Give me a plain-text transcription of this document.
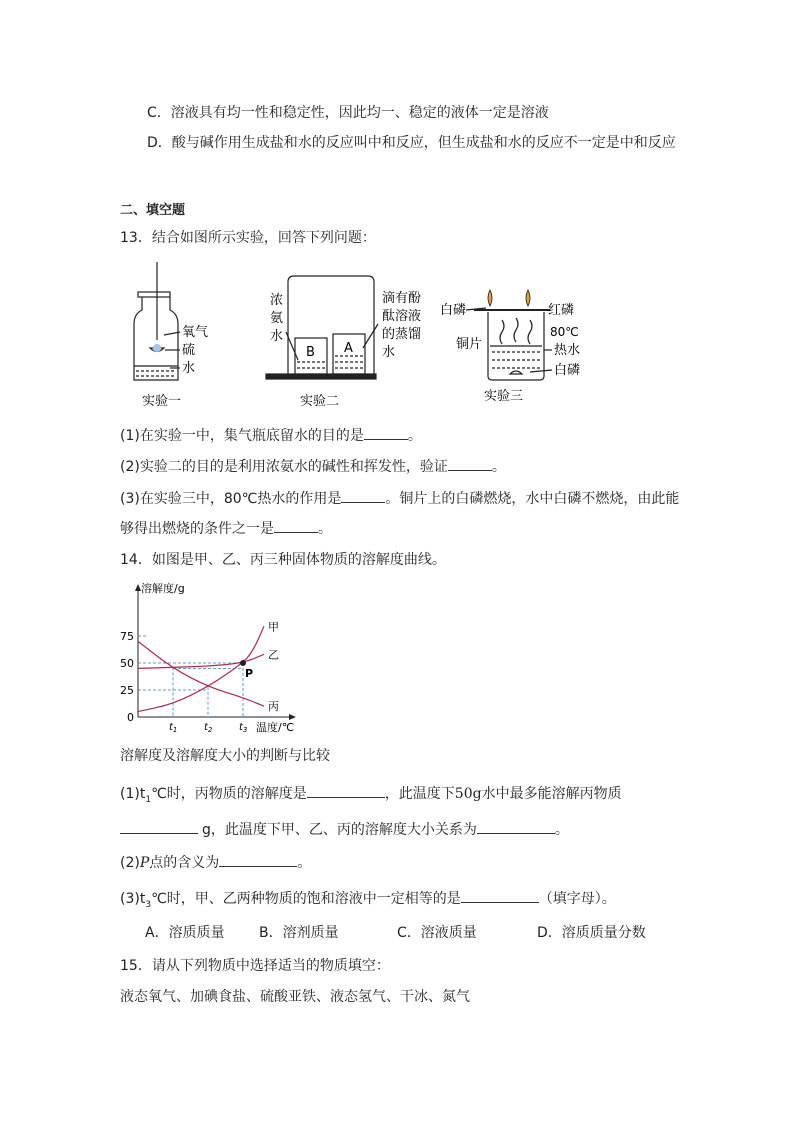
C．溶液具有均一性和稳定性，因此均一、稳定的液体一定是溶液
D．酸与碱作用生成盐和水的反应叫中和反应，但生成盐和水的反应不一定是中和反应
二、填空题
13．结合如图所示实验，回答下列问题：
氧气
硫
水
实验一
B A
浓
氨
水
滴有酚
酞溶液
的蒸馏
水
实验二
白磷	红磷
铜片
80℃
热水
白磷
实验三
(1)在实验一中，集气瓶底留水的目的是	。
(2)实验二的目的是利用浓氨水的碱性和挥发性，验证	。
(3)在实验三中，80℃热水的作用是	。铜片上的白磷燃烧，水中白磷不燃烧，由此能
够得出燃烧的条件之一是	。
14．如图是甲、乙、丙三种固体物质的溶解度曲线。
溶解度/g
温度/℃
0
25
50
75
$t_1$	$t_2$	$t_3$
甲
乙
丙
P
溶解度及溶解度大小的判断与比较
$(1)t_1℃$时，丙物质的溶解度是	，此温度下50g水中最多能溶解丙物质
g，此温度下甲、乙、丙的溶解度大小关系为	。
(2)P点的含义为	。
$(3)t_3℃$时，甲、乙两种物质的饱和溶液中一定相等的是	（填字母）。
A．溶质质量 B．溶剂质量	C．溶液质量	D．溶质质量分数
15．请从下列物质中选择适当的物质填空：
液态氧气、加碘食盐、硫酸亚铁、液态氢气、干冰、氮气
